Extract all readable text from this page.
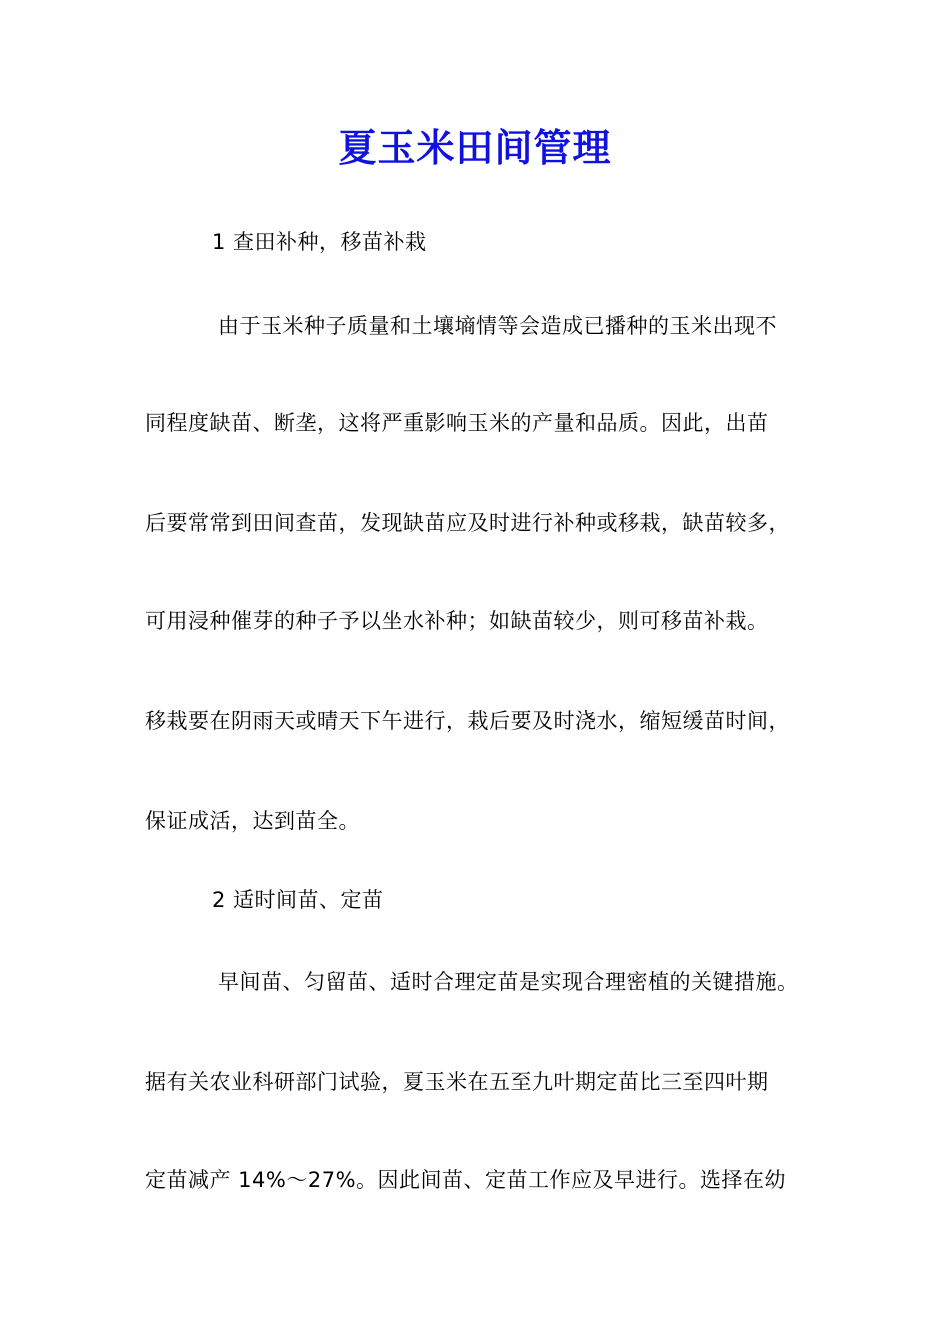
夏玉米田间管理
1 查田补种，移苗补栽
由于玉米种子质量和土壤墒情等会造成已播种的玉米出现不
同程度缺苗、断垄，这将严重影响玉米的产量和品质。因此，出苗
后要常常到田间查苗，发现缺苗应及时进行补种或移栽，缺苗较多，
可用浸种催芽的种子予以坐水补种；如缺苗较少，则可移苗补栽。
移栽要在阴雨天或晴天下午进行，栽后要及时浇水，缩短缓苗时间，
保证成活，达到苗全。
2 适时间苗、定苗
早间苗、匀留苗、适时合理定苗是实现合理密植的关键措施。
据有关农业科研部门试验，夏玉米在五至九叶期定苗比三至四叶期
定苗减产 14%～27%。因此间苗、定苗工作应及早进行。选择在幼
